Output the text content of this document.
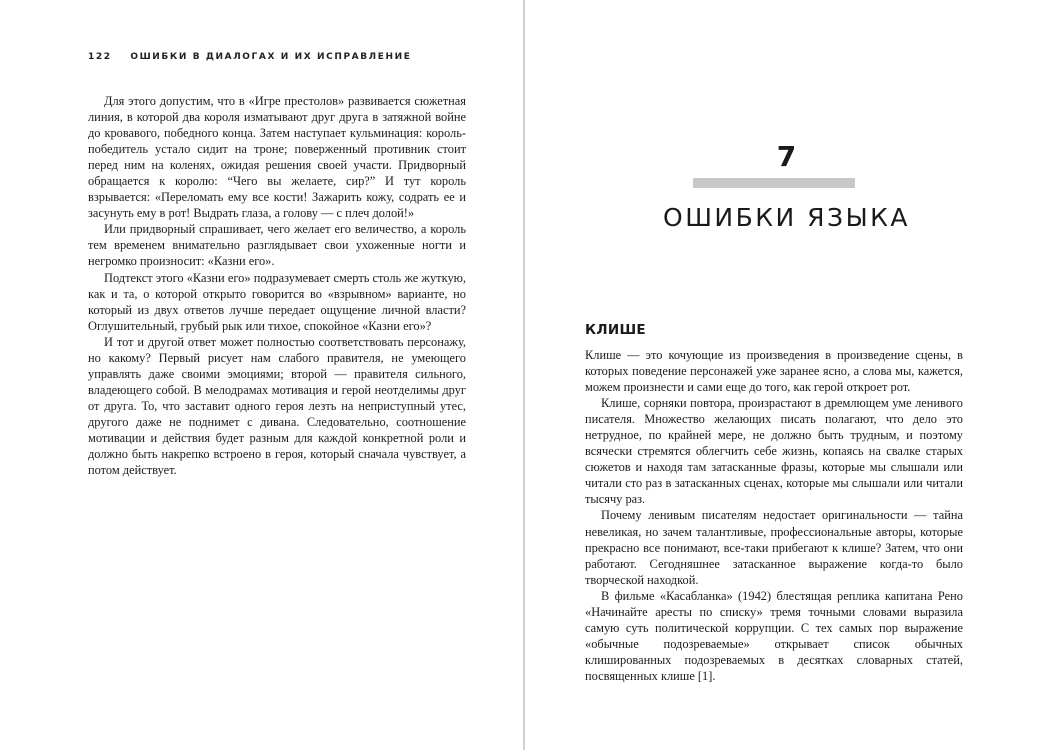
122 ОШИБКИ В ДИАЛОГАХ И ИХ ИСПРАВЛЕНИЕ

Для этого допустим, что в «Игре престолов» развивается сюжетная линия, в которой два короля изматывают друг друга в затяжной войне до кровавого, победного конца. Затем наступает кульминация: король-победитель устало сидит на троне; поверженный противник стоит перед ним на коленях, ожидая решения своей участи. Придворный обращается к королю: “Чего вы желаете, сир?” И тут король взрывается: «Переломать ему все кости! Зажарить кожу, содрать ее и засунуть ему в рот! Выдрать глаза, а голову — с плеч долой!»

Или придворный спрашивает, чего желает его величество, а король тем временем внимательно разглядывает свои ухоженные ногти и негромко произносит: «Казни его».

Подтекст этого «Казни его» подразумевает смерть столь же жуткую, как и та, о которой открыто говорится во «взрывном» варианте, но который из двух ответов лучше передает ощущение личной власти? Оглушительный, грубый рык или тихое, спокойное «Казни его»?

И тот и другой ответ может полностью соответствовать персонажу, но какому? Первый рисует нам слабого правителя, не умеющего управлять даже своими эмоциями; второй — правителя сильного, владеющего собой. В мелодрамах мотивация и герой неотделимы друг от друга. То, что заставит одного героя лезть на неприступный утес, другого даже не поднимет с дивана. Следовательно, соотношение мотивации и действия будет разным для каждой конкретной роли и должно быть накрепко встроено в героя, который сначала чувствует, а потом действует.

7
ОШИБКИ ЯЗЫКА
КЛИШЕ

Клише — это кочующие из произведения в произведение сцены, в которых поведение персонажей уже заранее ясно, а слова мы, кажется, можем произнести и сами еще до того, как герой откроет рот.

Клише, сорняки повтора, произрастают в дремлющем уме ленивого писателя. Множество желающих писать полагают, что дело это нетрудное, по крайней мере, не должно быть трудным, и поэтому всячески стремятся облегчить себе жизнь, копаясь на свалке старых сюжетов и находя там затасканные фразы, которые мы слышали или читали сто раз в затасканных сценах, которые мы слышали или читали тысячу раз.

Почему ленивым писателям недостает оригинальности — тайна невеликая, но зачем талантливые, профессиональные авторы, которые прекрасно все понимают, все-таки прибегают к клише? Затем, что они работают. Сегодняшнее затасканное выражение когда-то было творческой находкой.

В фильме «Касабланка» (1942) блестящая реплика капитана Рено «Начинайте аресты по списку» тремя точными словами выразила самую суть политической коррупции. С тех самых пор выражение «обычные подозреваемые» открывает список обычных клишированных подозреваемых в десятках словарных статей, посвященных клише [1].
